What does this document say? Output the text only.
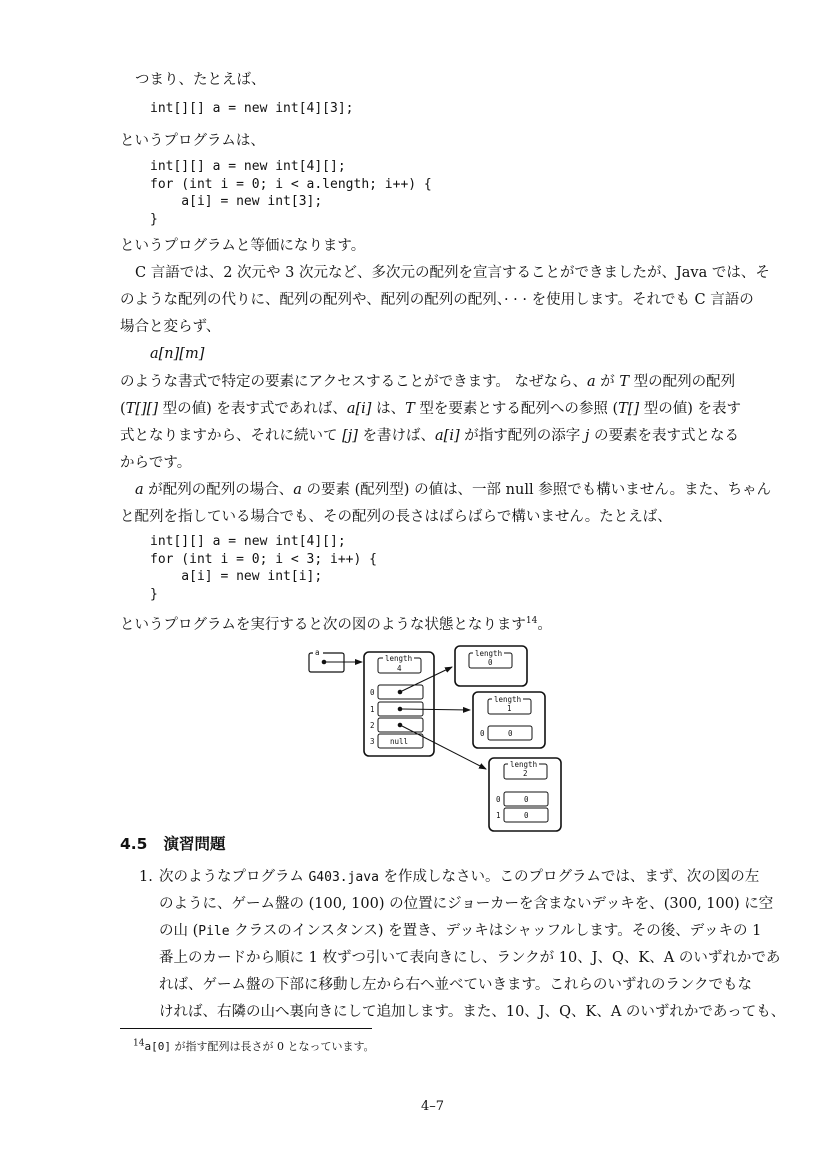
つまり、たとえば、
int[][] a = new int[4][3];
というプログラムは、
int[][] a = new int[4][];
for (int i = 0; i < a.length; i++) {
a[i] = new int[3];
}
というプログラムと等価になります。
C 言語では、2 次元や 3 次元など、多次元の配列を宣言することができましたが、Java では、そ
のような配列の代りに、配列の配列や、配列の配列の配列、· · · を使用します。それでも C 言語の
場合と変らず、
a[n][m]
のような書式で特定の要素にアクセスすることができます。 なぜなら、a が T 型の配列の配列
(T[][] 型の値) を表す式であれば、a[i] は、T 型を要素とする配列への参照 (T[] 型の値) を表す
式となりますから、それに続いて [j] を書けば、a[i] が指す配列の添字 j の要素を表す式となる
からです。
a が配列の配列の場合、a の要素 (配列型) の値は、一部 null 参照でも構いません。また、ちゃん
と配列を指している場合でも、その配列の長さはばらばらで構いません。たとえば、
int[][] a = new int[4][];
for (int i = 0; i < 3; i++) {
a[i] = new int[i];
}
というプログラムを実行すると次の図のような状態となります$^{14}$。
a
length
4
0
1
2
3 null
length
0
length
1
0	0
length
2
0
1
0
0
4.5 演習問題
1. 次のようなプログラム G403.java を作成しなさい。このプログラムでは、まず、次の図の左
のように、ゲーム盤の (100, 100) の位置にジョーカーを含まないデッキを、(300, 100) に空
の山 (Pile クラスのインスタンス) を置き、デッキはシャッフルします。その後、デッキの 1
番上のカードから順に 1 枚ずつ引いて表向きにし、ランクが 10、J、Q、K、A のいずれかであ
れば、ゲーム盤の下部に移動し左から右へ並べていきます。これらのいずれのランクでもな
ければ、右隣の山へ裏向きにして追加します。また、10、J、Q、K、A のいずれかであっても、
$^{14}$a[0] が指す配列は長さが 0 となっています。
4–7
